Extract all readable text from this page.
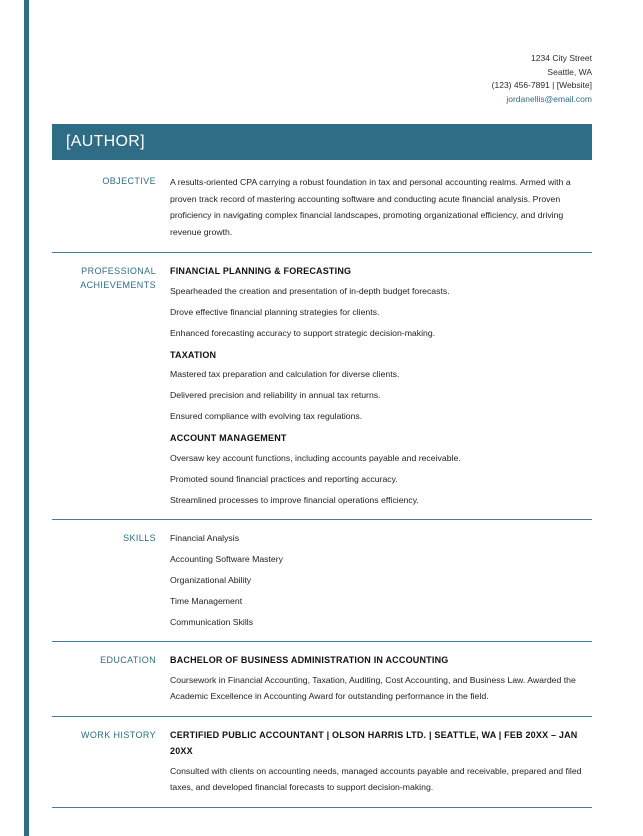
1234 City Street
Seattle, WA
(123) 456-7891 | [Website]
jordanellis@email.com
[AUTHOR]
OBJECTIVE	A results-oriented CPA carrying a robust foundation in tax and personal accounting realms. Armed with a proven track record of mastering accounting software and conducting acute financial analysis. Proven proficiency in navigating complex financial landscapes, promoting organizational efficiency, and driving revenue growth.

PROFESSIONAL
ACHIEVEMENTS
FINANCIAL PLANNING & FORECASTING

Spearheaded the creation and presentation of in-depth budget forecasts.

Drove effective financial planning strategies for clients.

Enhanced forecasting accuracy to support strategic decision-making.

TAXATION

Mastered tax preparation and calculation for diverse clients.

Delivered precision and reliability in annual tax returns.

Ensured compliance with evolving tax regulations.

ACCOUNT MANAGEMENT

Oversaw key account functions, including accounts payable and receivable.

Promoted sound financial practices and reporting accuracy.

Streamlined processes to improve financial operations efficiency.

SKILLS	Financial Analysis

Accounting Software Mastery

Organizational Ability

Time Management

Communication Skills

EDUCATION	BACHELOR OF BUSINESS ADMINISTRATION IN ACCOUNTING

Coursework in Financial Accounting, Taxation, Auditing, Cost Accounting, and Business Law. Awarded the Academic Excellence in Accounting Award for outstanding performance in the field.

WORK HISTORY	CERTIFIED PUBLIC ACCOUNTANT | OLSON HARRIS LTD. | SEATTLE, WA | FEB 20XX – JAN 20XX

Consulted with clients on accounting needs, managed accounts payable and receivable, prepared and filed taxes, and developed financial forecasts to support decision-making.
